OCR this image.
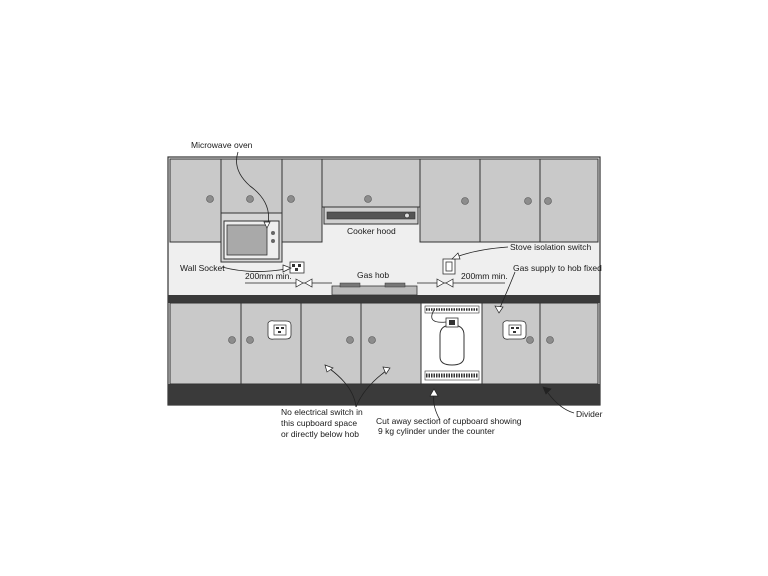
Microwave oven
Cooker hood
Stove isolation switch
Wall Socket
Gas hob
200mm min.	200mm min.
Gas supply to hob fixed
No electrical switch in
this cupboard space
or directly below hob
Cut away section of cupboard showing
9 kg cylinder under the counter
Divider
